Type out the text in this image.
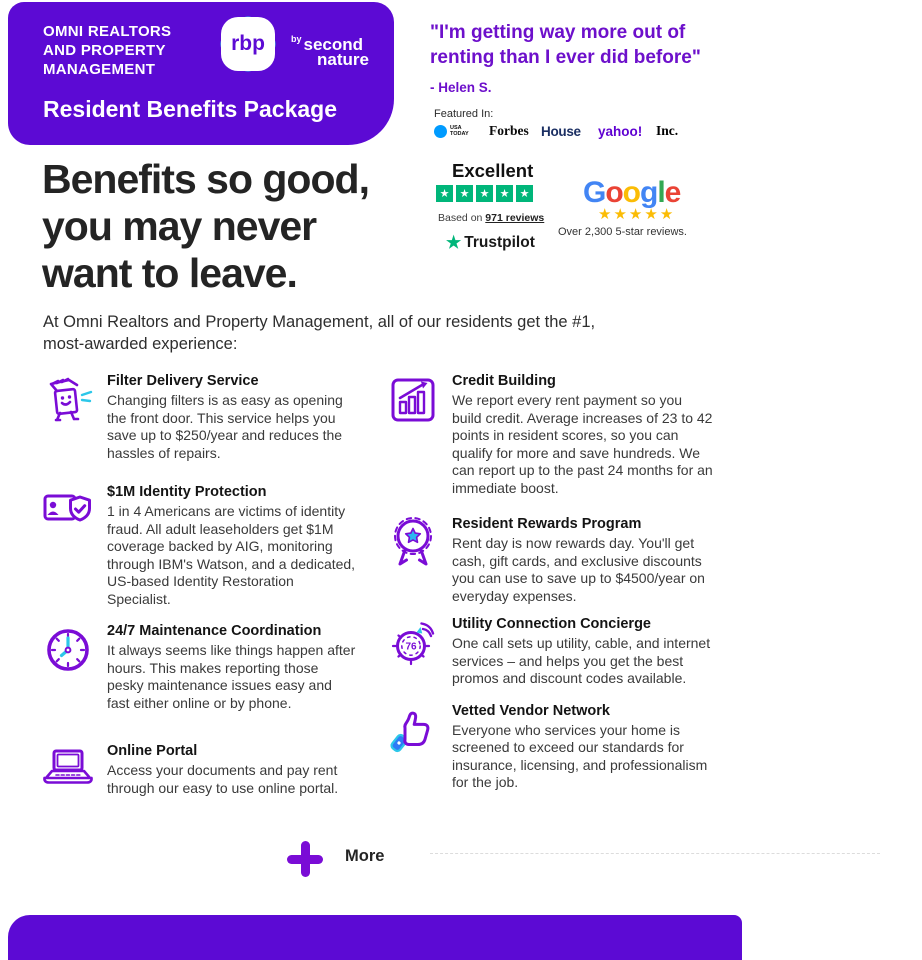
OMNI REALTORS
AND PROPERTY
MANAGEMENT
rbp	$^{by}$ second
nature
Resident Benefits Package
"I'm getting way more out of
renting than I ever did before"
- Helen S.
Featured In:
USA
TODAY Forbes House	yahoo!	Inc.
Excellent
★ ★ ★ ★ ★
Based on 971 reviews
★ Trustpilot
Google
★★★★★
Over 2,300 5-star reviews.
Benefits so good,
you may never
want to leave.
At Omni Realtors and Property Management, all of our residents get the #1,
most-awarded experience:
Filter Delivery Service
Changing filters is as easy as opening the front door. This service helps you save up to $250/year and reduces the hassles of repairs.
$1M Identity Protection
1 in 4 Americans are victims of identity fraud. All adult leaseholders get $1M coverage backed by AIG, monitoring through IBM's Watson, and a dedicated, US-based Identity Restoration Specialist.
24/7 Maintenance Coordination
It always seems like things happen after hours. This makes reporting those pesky maintenance issues easy and fast either online or by phone.
Online Portal
Access your documents and pay rent through our easy to use online portal.
Credit Building
We report every rent payment so you build credit. Average increases of 23 to 42 points in resident scores, so you can qualify for more and save hundreds. We can report up to the past 24 months for an immediate boost.
Resident Rewards Program
Rent day is now rewards day. You'll get cash, gift cards, and exclusive discounts you can use to save up to $4500/year on everyday expenses.
76
Utility Connection Concierge
One call sets up utility, cable, and internet services – and helps you get the best promos and discount codes available.
Vetted Vendor Network
Everyone who services your home is screened to exceed our standards for insurance, licensing, and professionalism for the job.
More
